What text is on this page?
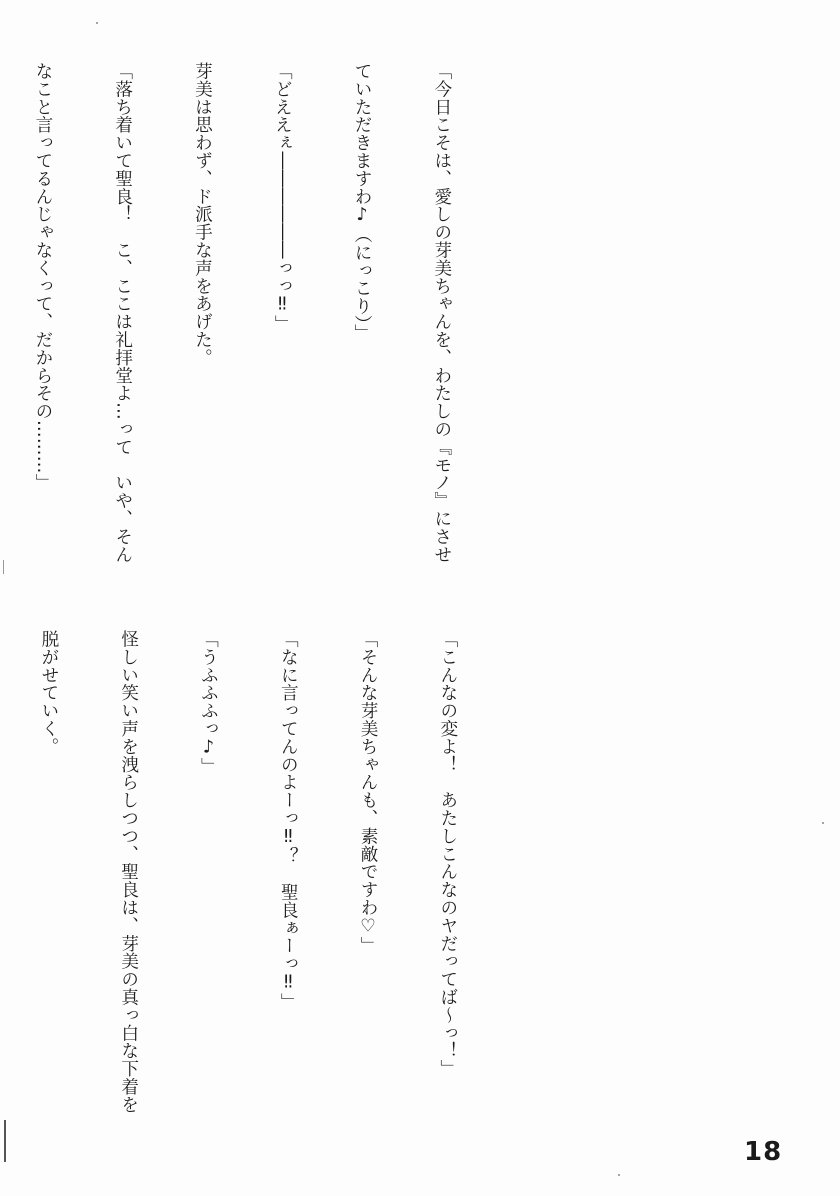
「今日こそは、愛しの芽美ちゃんを、わたしの『モノ』にさせ

ていただきますわ♪（にっこり）」

「どええぇ――――――っっ‼」

芽美は思わず、ド派手な声をあげた。

「落ち着いて聖良！　こ、ここは礼拝堂よ…って　いや、そん

なこと言ってるんじゃなくって、だからその………」

「こんなの変よ！　あたしこんなのヤだってば～っ！」

「そんな芽美ちゃんも、素敵ですわ♡」

「なに言ってんのよーっ‼？　聖良ぁーっ‼」

「うふふふっ♪」

怪しい笑い声を洩らしつつ、聖良は、芽美の真っ白な下着を

脱がせていく。

18
